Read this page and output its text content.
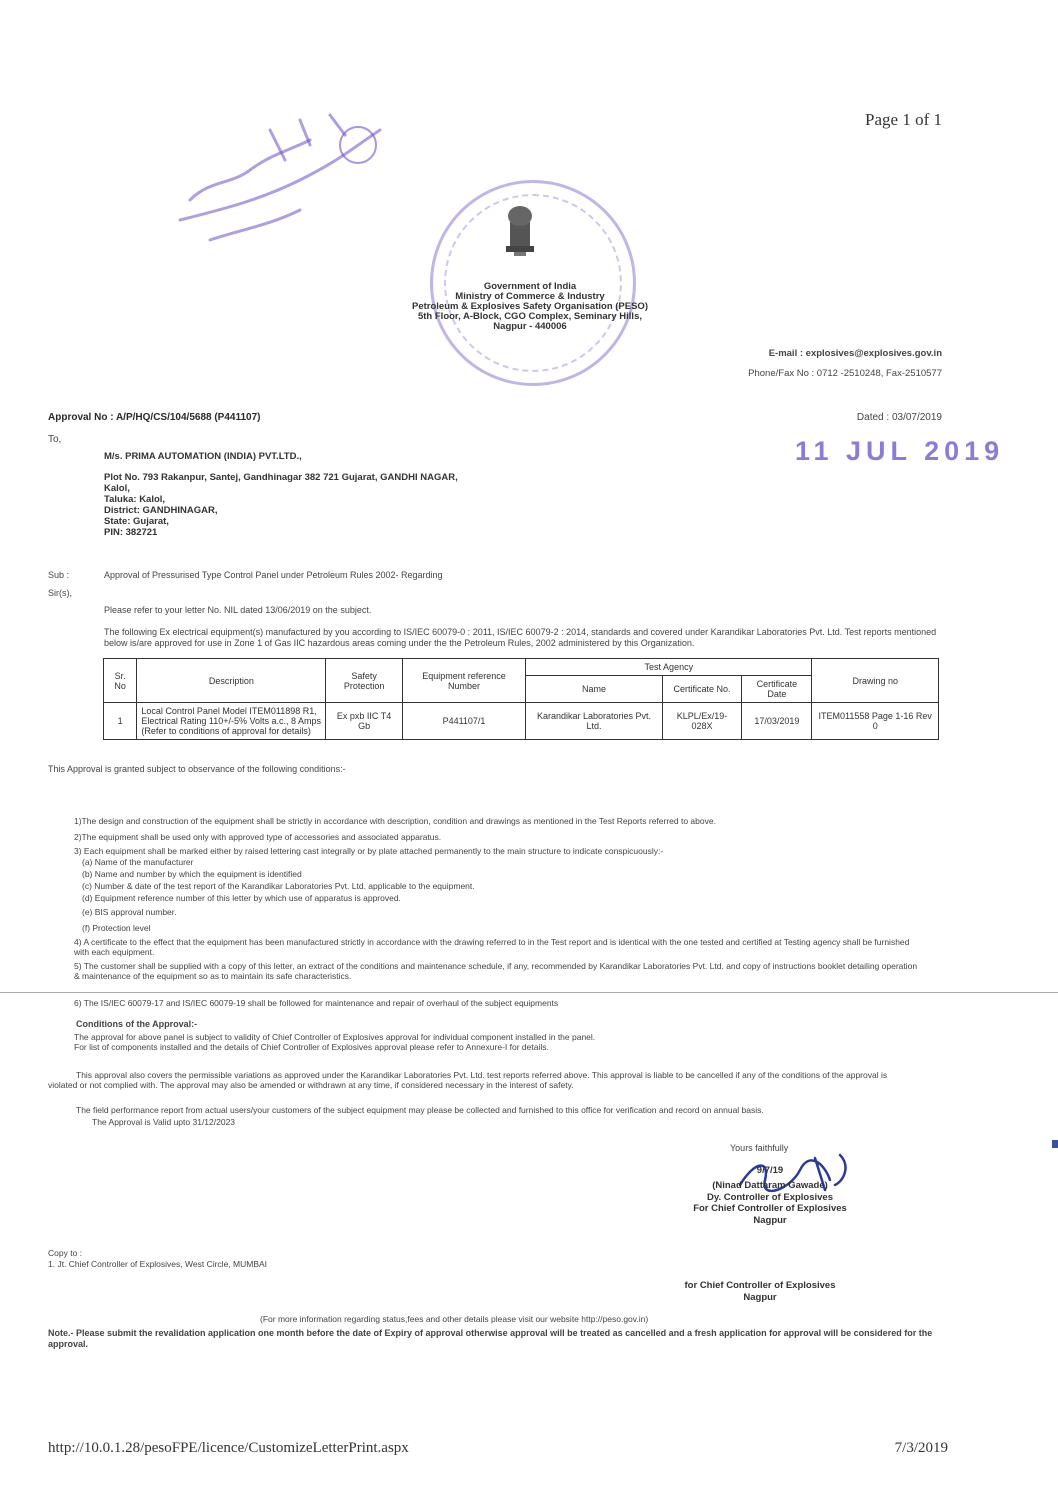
Page 1 of 1
Government of India
Ministry of Commerce & Industry
Petroleum & Explosives Safety Organisation (PESO)
5th Floor, A-Block, CGO Complex, Seminary Hills,
Nagpur - 440006
E-mail : explosives@explosives.gov.in
Phone/Fax No : 0712 -2510248, Fax-2510577
Approval No : A/P/HQ/CS/104/5688 (P441107)	Dated : 03/07/2019
11 JUL 2019
To,
M/s. PRIMA AUTOMATION (INDIA) PVT.LTD.,
Plot No. 793 Rakanpur, Santej, Gandhinagar 382 721 Gujarat, GANDHI NAGAR,
Kalol,
Taluka: Kalol,
District: GANDHINAGAR,
State: Gujarat,
PIN: 382721
Sub :	Approval of Pressurised Type Control Panel under Petroleum Rules 2002- Regarding
Sir(s),
Please refer to your letter No. NIL dated 13/06/2019 on the subject.
The following Ex electrical equipment(s) manufactured by you according to IS/IEC 60079-0 : 2011, IS/IEC 60079-2 : 2014, standards and covered under Karandikar Laboratories Pvt. Ltd. Test reports mentioned below is/are approved for use in Zone 1 of Gas IIC hazardous areas coming under the the Petroleum Rules, 2002 administered by this Organization.
Sr. No	Description	Safety Protection	Equipment reference Number	Test Agency			Drawing no
				Name	Certificate No.	Certificate Date	
1	Local Control Panel Model ITEM011898 R1, Electrical Rating 110+/-5% Volts a.c., 8 Amps (Refer to conditions of approval for details)	Ex pxb IIC T4 Gb	P441107/1	Karandikar Laboratories Pvt. Ltd.	KLPL/Ex/19-028X	17/03/2019	ITEM011558 Page 1-16 Rev 0
This Approval is granted subject to observance of the following conditions:-
1)The design and construction of the equipment shall be strictly in accordance with description, condition and drawings as mentioned in the Test Reports referred to above.
2)The equipment shall be used only with approved type of accessories and associated apparatus.
3) Each equipment shall be marked either by raised lettering cast integrally or by plate attached permanently to the main structure to indicate conspicuously:-
(a) Name of the manufacturer
(b) Name and number by which the equipment is identified
(c) Number & date of the test report of the Karandikar Laboratories Pvt. Ltd. applicable to the equipment.
(d) Equipment reference number of this letter by which use of apparatus is approved.
(e) BIS approval number.
(f) Protection level
4) A certificate to the effect that the equipment has been manufactured strictly in accordance with the drawing referred to in the Test report and is identical with the one tested and certified at Testing agency shall be furnished with each equipment.
5) The customer shall be supplied with a copy of this letter, an extract of the conditions and maintenance schedule, if any, recommended by Karandikar Laboratories Pvt. Ltd. and copy of instructions booklet detailing operation & maintenance of the equipment so as to maintain its safe characteristics.
6) The IS/IEC 60079-17 and IS/IEC 60079-19 shall be followed for maintenance and repair of overhaul of the subject equipments
Conditions of the Approval:-
The approval for above panel is subject to validity of Chief Controller of Explosives approval for individual component installed in the panel.
For list of components installed and the details of Chief Controller of Explosives approval please refer to Annexure-I for details.
This approval also covers the permissible variations as approved under the Karandikar Laboratories Pvt. Ltd. test reports referred above. This approval is liable to be cancelled if any of the conditions of the approval is violated or not complied with. The approval may also be amended or withdrawn at any time, if considered necessary in the interest of safety.
The field performance report from actual users/your customers of the subject equipment may please be collected and furnished to this office for verification and record on annual basis.
The Approval is Valid upto 31/12/2023
Yours faithfully
9/7/19
(Ninad Dattaram Gawade)
Dy. Controller of Explosives
For Chief Controller of Explosives
Nagpur
Copy to :
1. Jt. Chief Controller of Explosives, West Circle, MUMBAI
for Chief Controller of Explosives
Nagpur
(For more information regarding status,fees and other details please visit our website http://peso.gov.in)
Note.- Please submit the revalidation application one month before the date of Expiry of approval otherwise approval will be treated as cancelled and a fresh application for approval will be considered for the approval.
http://10.0.1.28/pesoFPE/licence/CustomizeLetterPrint.aspx	7/3/2019
